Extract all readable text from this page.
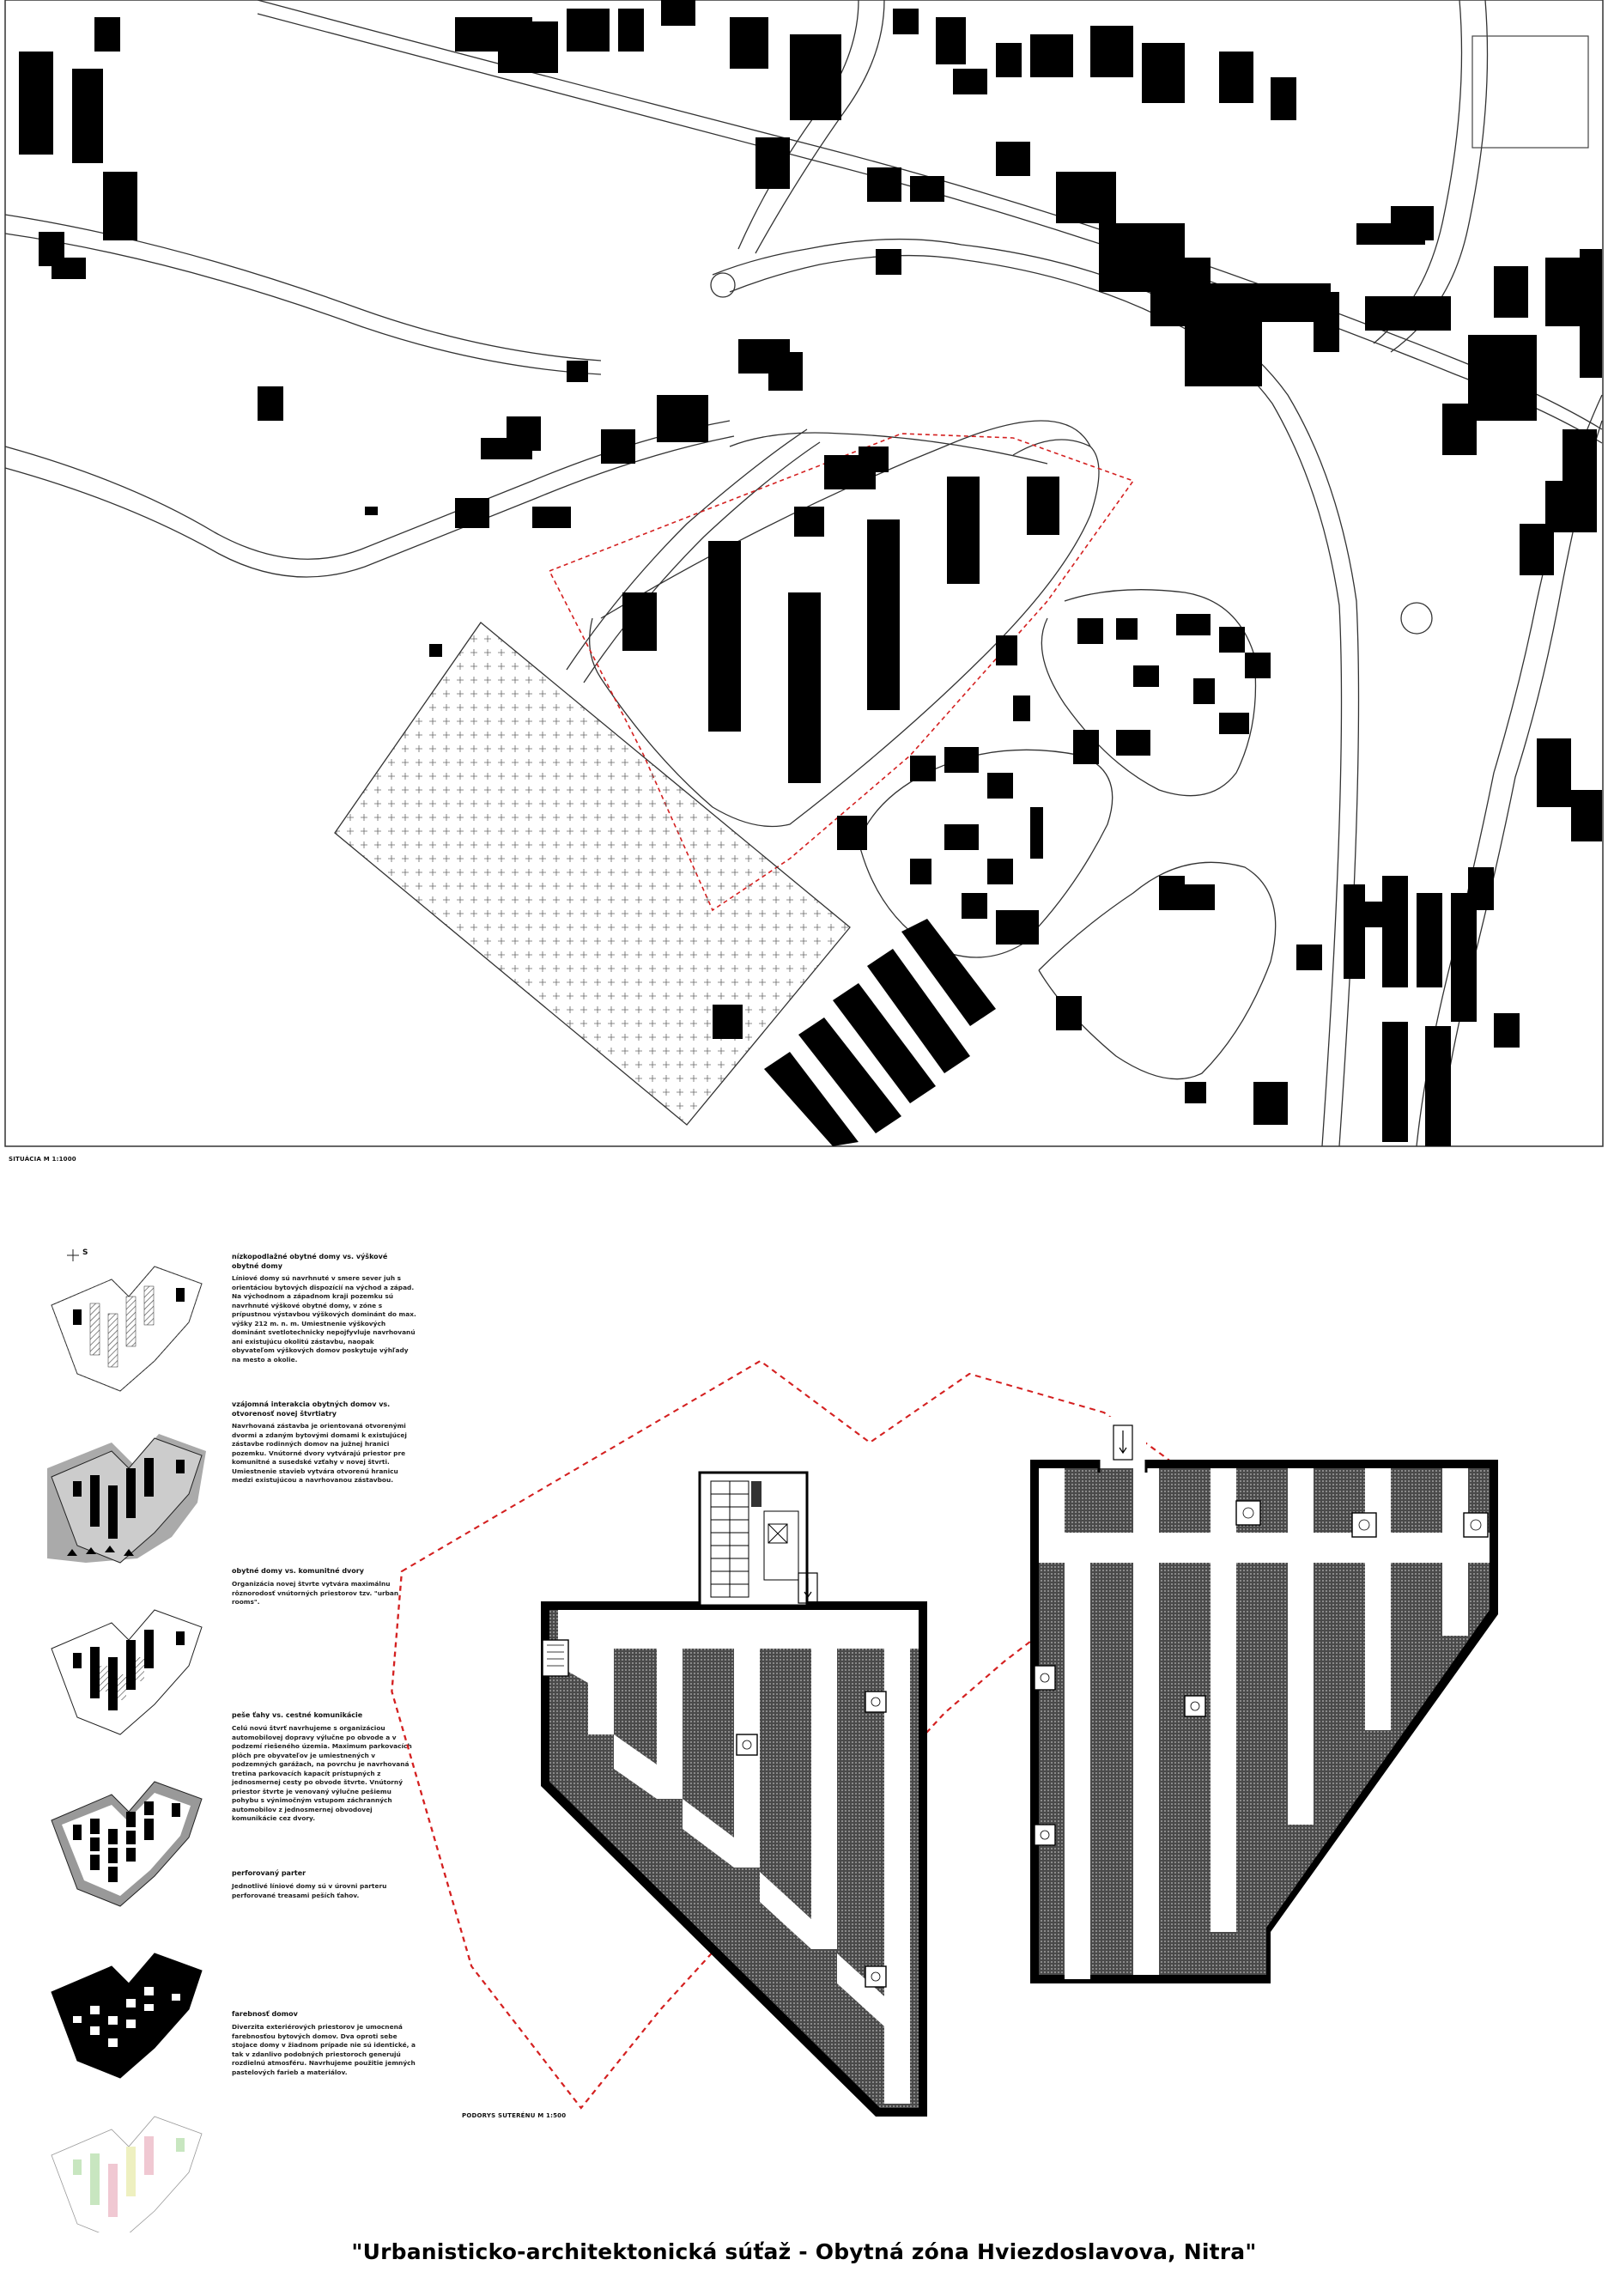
SITUÁCIA M 1:1000
S	nízkopodlažné obytné domy vs. výškové obytné domy
Líniové domy sú navrhnuté v smere sever juh s orientáciou bytových dispozícií na východ a západ. Na východnom a západnom kraji pozemku sú navrhnuté výškové obytné domy, v zóne s prípustnou výstavbou výškových dominánt do max. výšky 212 m. n. m. Umiestnenie výškových dominánt svetlotechnicky nepojfyvluje navrhovanú ani existujúcu okolitú zástavbu, naopak obyvateľom výškových domov poskytuje výhľady na mesto a okolie.
vzájomná interakcia obytných domov vs. otvorenosť novej štvrtiatry
Navrhovaná zástavba je orientovaná otvorenými dvormi a zdaným bytovými domami k existujúcej zástavbe rodinných domov na južnej hranici pozemku. Vnútorné dvory vytvárajú priestor pre komunitné a susedské vzťahy v novej štvrti. Umiestnenie stavieb vytvára otvorenú hranicu medzi existujúcou a navrhovanou zástavbou.
obytné domy vs. komunitné dvory
Organizácia novej štvrte vytvára maximálnu rôznorodosť vnútorných priestorov tzv. "urban rooms".
peše ťahy vs. cestné komunikácie
Celú novú štvrť navrhujeme s organizáciou automobilovej dopravy výlučne po obvode a v podzemí riešeného územia. Maximum parkovacích plôch pre obyvateľov je umiestnených v podzemných garážach, na povrchu je navrhovaná tretina parkovacích kapacít prístupných z jednosmernej cesty po obvode štvrte. Vnútorný priestor štvrte je venovaný výlučne pešiemu pohybu s výnimočným vstupom záchranných automobilov z jednosmernej obvodovej komunikácie cez dvory.
perforovaný parter
Jednotlivé líniové domy sú v úrovni parteru perforované treasami peších ťahov.
farebnosť domov
Diverzita exteriérových priestorov je umocnená farebnosťou bytových domov. Dva oproti sebe stojace domy v žiadnom prípade nie sú identické, a tak v zdanlivo podobných priestoroch generujú rozdielnú atmosféru. Navrhujeme použitie jemných pastelových farieb a materiálov.
PODORYS SUTERÉNU M 1:500
"Urbanisticko-architektonická súťaž - Obytná zóna Hviezdoslavova, Nitra"
